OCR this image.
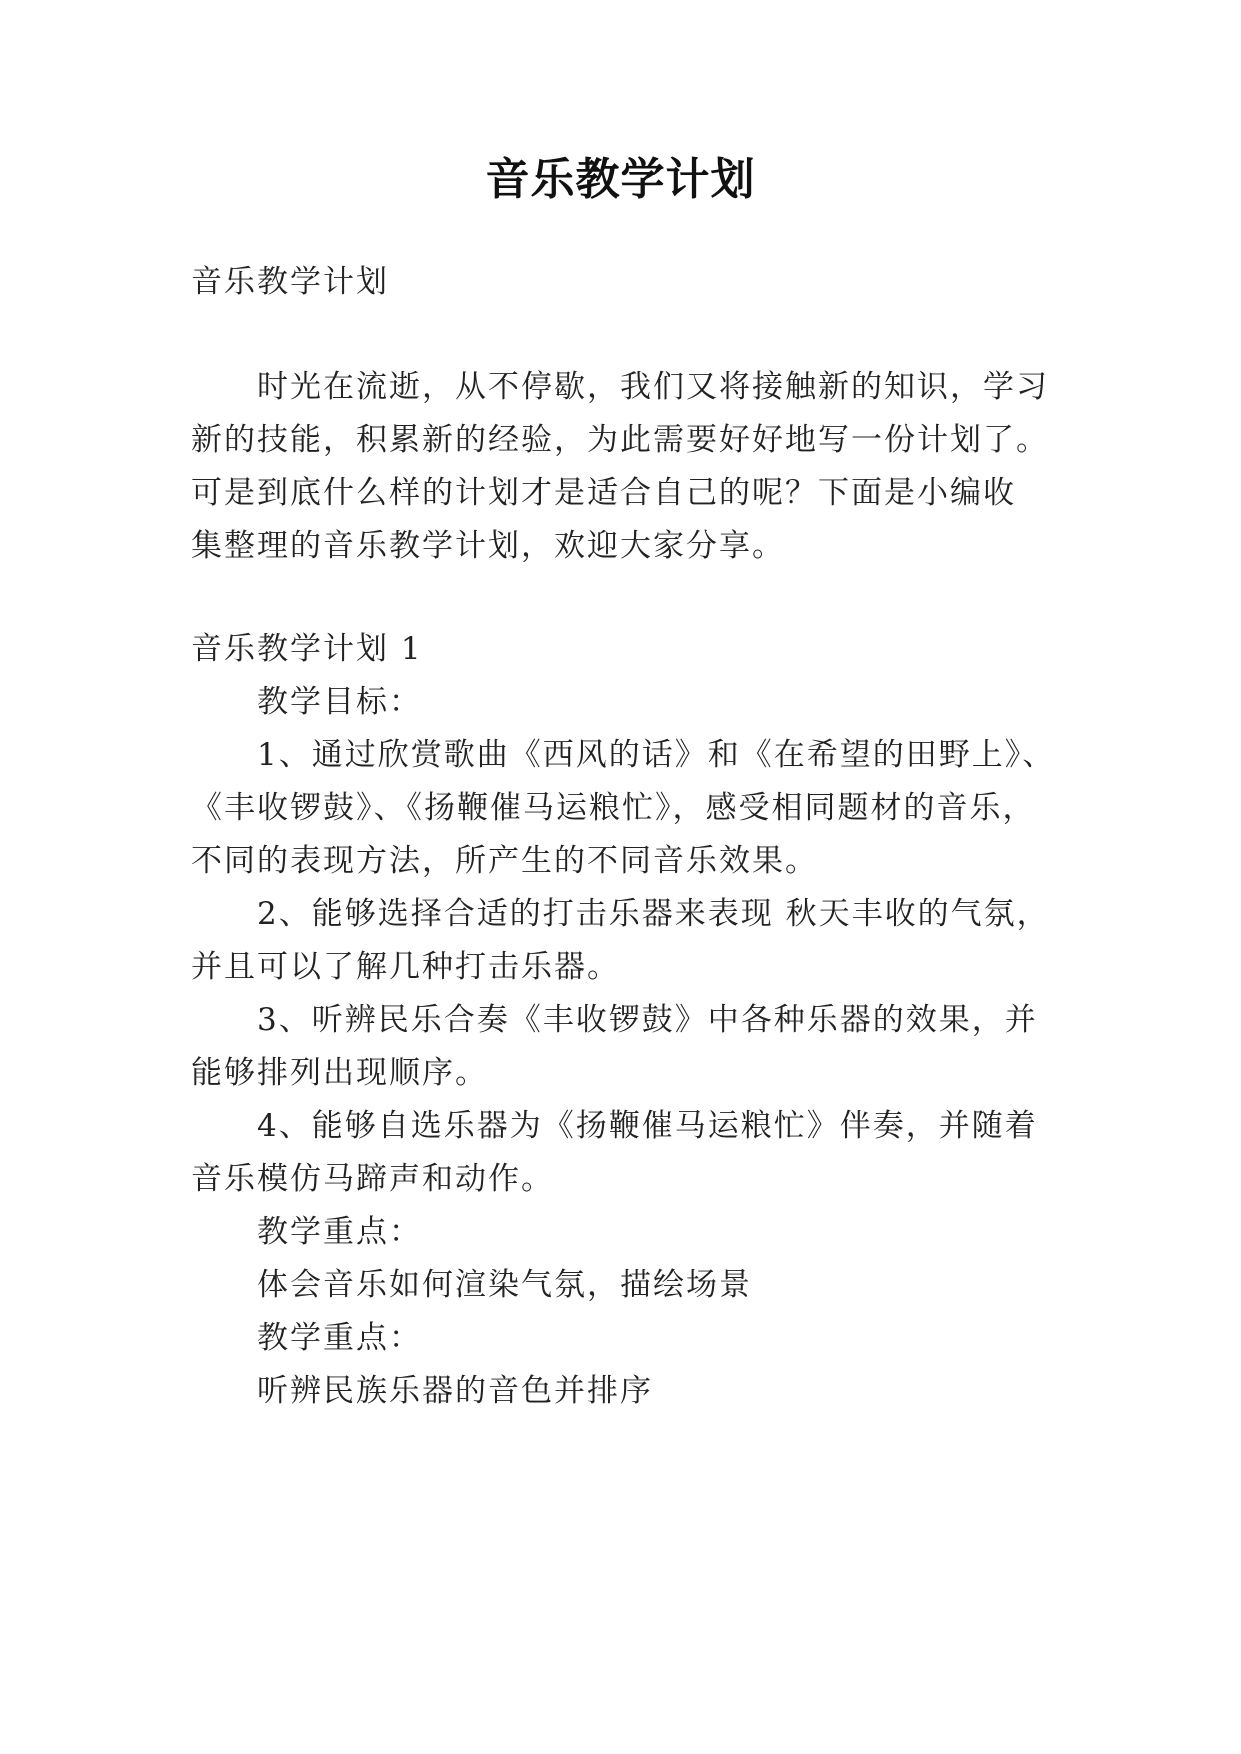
音乐教学计划
音乐教学计划
时光在流逝，从不停歇，我们又将接触新的知识，学习
新的技能，积累新的经验，为此需要好好地写一份计划了。
可是到底什么样的计划才是适合自己的呢？下面是小编收
集整理的音乐教学计划，欢迎大家分享。
音乐教学计划 1
教学目标：
1、通过欣赏歌曲《西风的话》和《在希望的田野上》、
《丰收锣鼓》、《扬鞭催马运粮忙》，感受相同题材的音乐，
不同的表现方法，所产生的不同音乐效果。
2、能够选择合适的打击乐器来表现 秋天丰收的气氛，
并且可以了解几种打击乐器。
3、听辨民乐合奏《丰收锣鼓》中各种乐器的效果，并
能够排列出现顺序。
4、能够自选乐器为《扬鞭催马运粮忙》伴奏，并随着
音乐模仿马蹄声和动作。
教学重点：
体会音乐如何渲染气氛，描绘场景
教学重点：
听辨民族乐器的音色并排序
